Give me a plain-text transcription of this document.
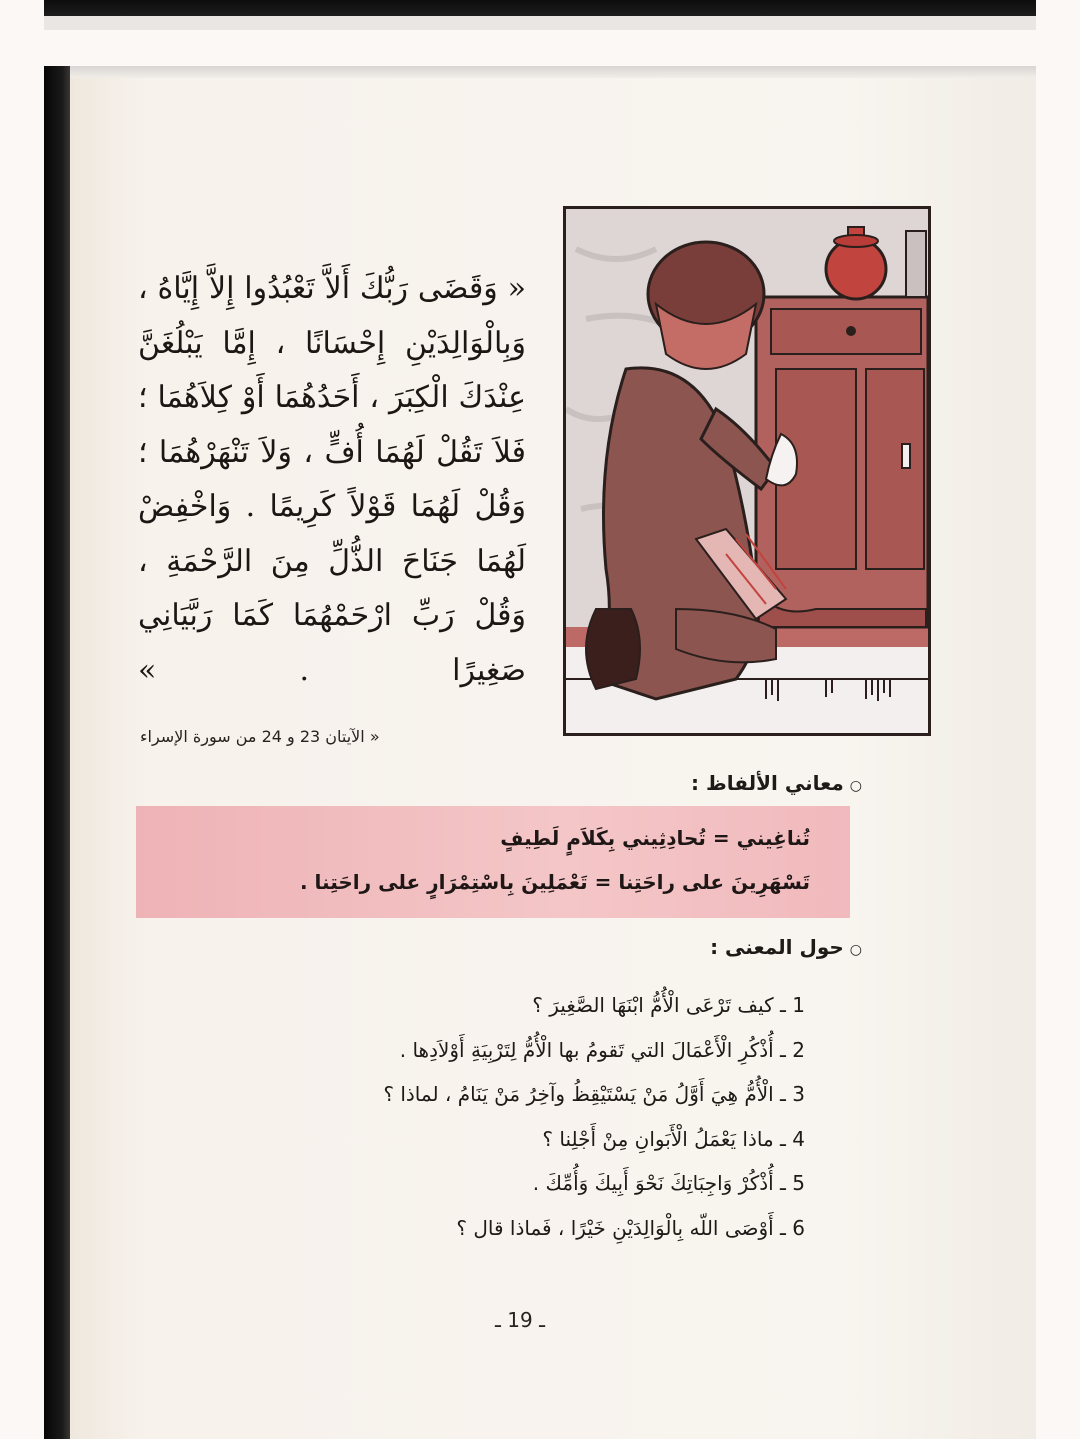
« وَقَضَى رَبُّكَ أَلاَّ تَعْبُدُوا إِلاَّ إِيَّاهُ ، وَبِالْوَالِدَيْنِ إِحْسَانًا ، إِمَّا يَبْلُغَنَّ عِنْدَكَ الْكِبَرَ ، أَحَدُهُمَا أَوْ كِلاَهُمَا ؛ فَلاَ تَقُلْ لَهُمَا أُفٍّ ، وَلاَ تَنْهَرْهُمَا ؛ وَقُلْ لَهُمَا قَوْلاً كَرِيمًا . وَاخْفِضْ لَهُمَا جَنَاحَ الذُّلِّ مِنَ الرَّحْمَةِ ، وَقُلْ رَبِّ ارْحَمْهُمَا كَمَا رَبَّيَانِي صَغِيرًا . »
« الآيتان 23 و 24 من سورة الإسراء
○معاني الألفاظ :
تُناغِيني = تُحادِثِيني بِكَلاَمٍ لَطِيفٍ
تَسْهَرِينَ على راحَتِنا = تَعْمَلِينَ بِاسْتِمْرَارٍ على راحَتِنا .
○حول المعنى :
1 ـ كيف تَرْعَى الْأُمُّ ابْنَهَا الصَّغِيرَ ؟
2 ـ أُذْكُرِ الْأَعْمَالَ التي تَقومُ بها الْأُمُّ لِتَرْبِيَةِ أَوْلاَدِها .
3 ـ الْأُمُّ هِيَ أَوَّلُ مَنْ يَسْتَيْقِظُ وآخِرُ مَنْ يَنَامُ ، لماذا ؟
4 ـ ماذا يَعْمَلُ الْأَبَوانِ مِنْ أَجْلِنا ؟
5 ـ أُذْكُرْ وَاجِبَاتِكَ نَحْوَ أَبِيكَ وَأُمِّكَ .
6 ـ أَوْصَى اللّه بِالْوَالِدَيْنِ خَيْرًا ، فَماذا قال ؟
ـ 19 ـ
